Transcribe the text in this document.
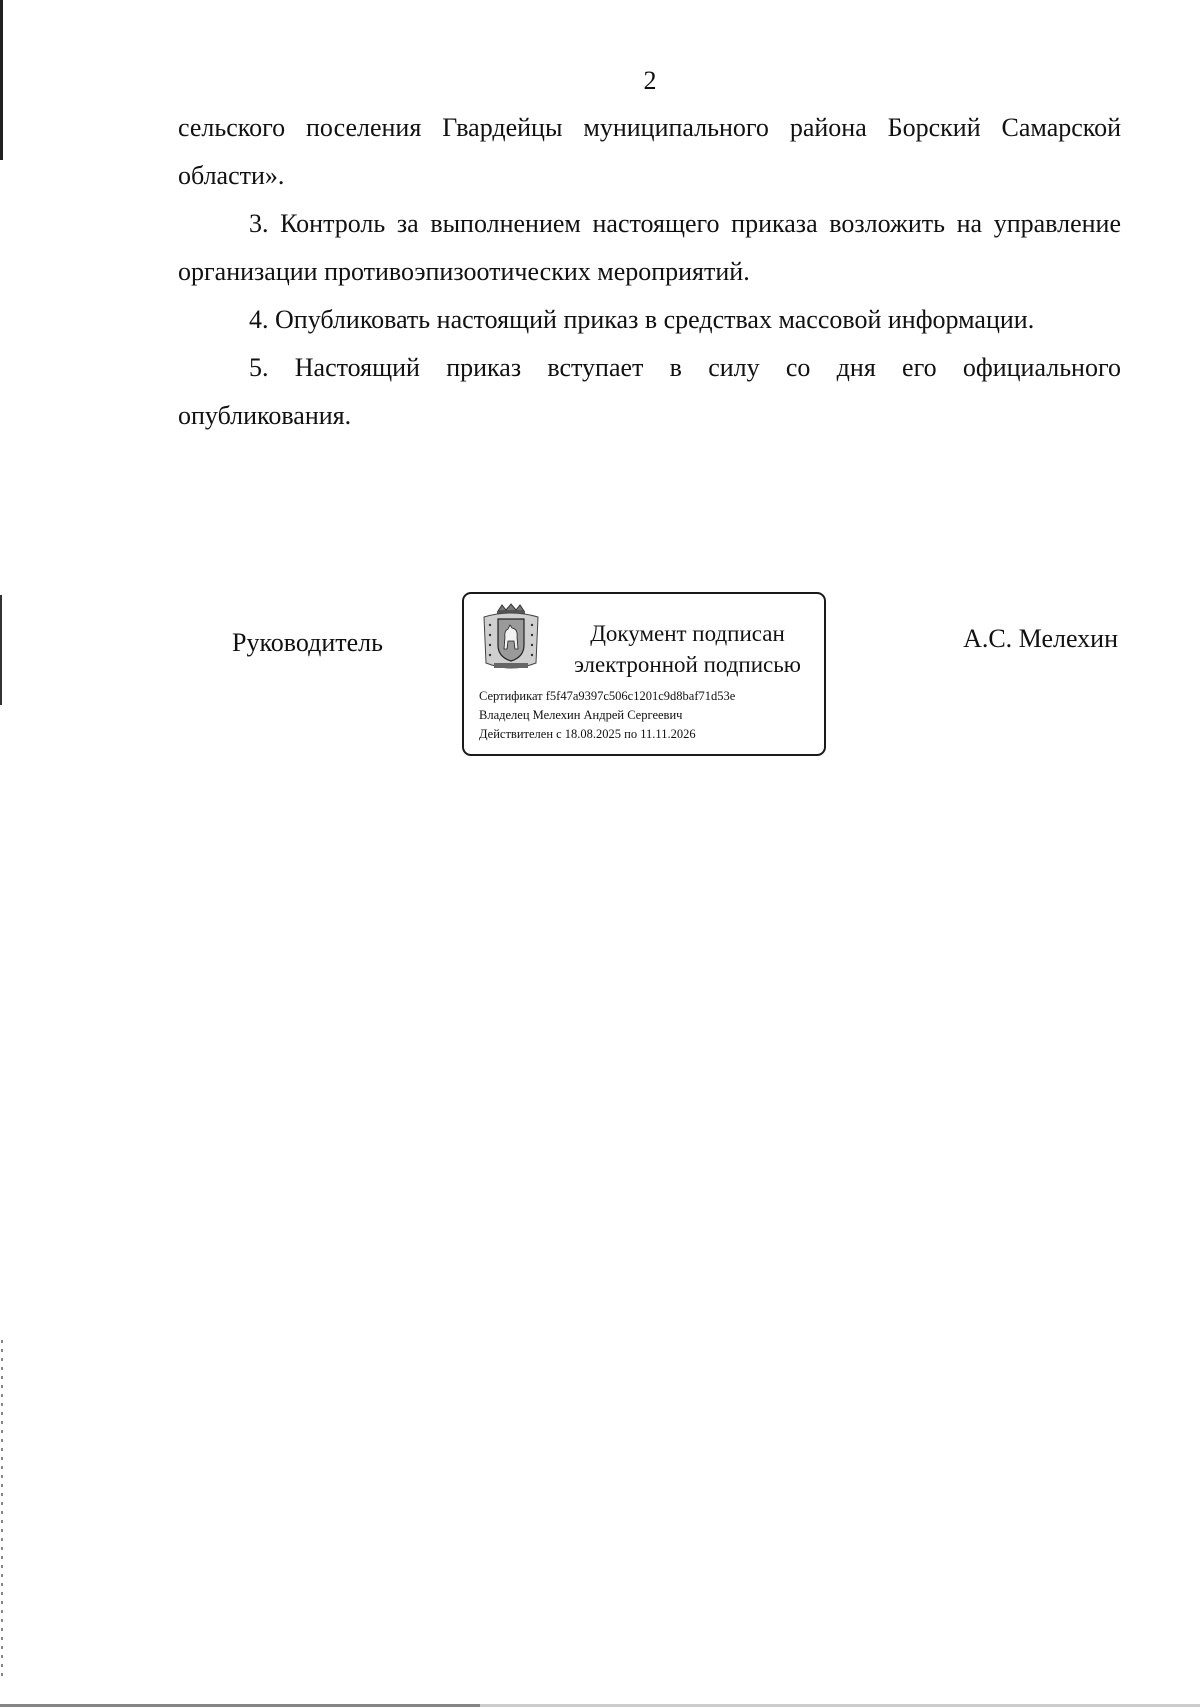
2

сельского поселения Гвардейцы муниципального района Борский Самарской области».

3. Контроль за выполнением настоящего приказа возложить на управление организации противоэпизоотических мероприятий.

4. Опубликовать настоящий приказ в средствах массовой информации.

5. Настоящий приказ вступает в силу со дня его официального опубликования.

Руководитель	Документ подписан
электронной подписью
Сертификат f5f47a9397c506c1201c9d8baf71d53e
Владелец Мелехин Андрей Сергеевич
Действителен с 18.08.2025 по 11.11.2026
А.С. Мелехин
